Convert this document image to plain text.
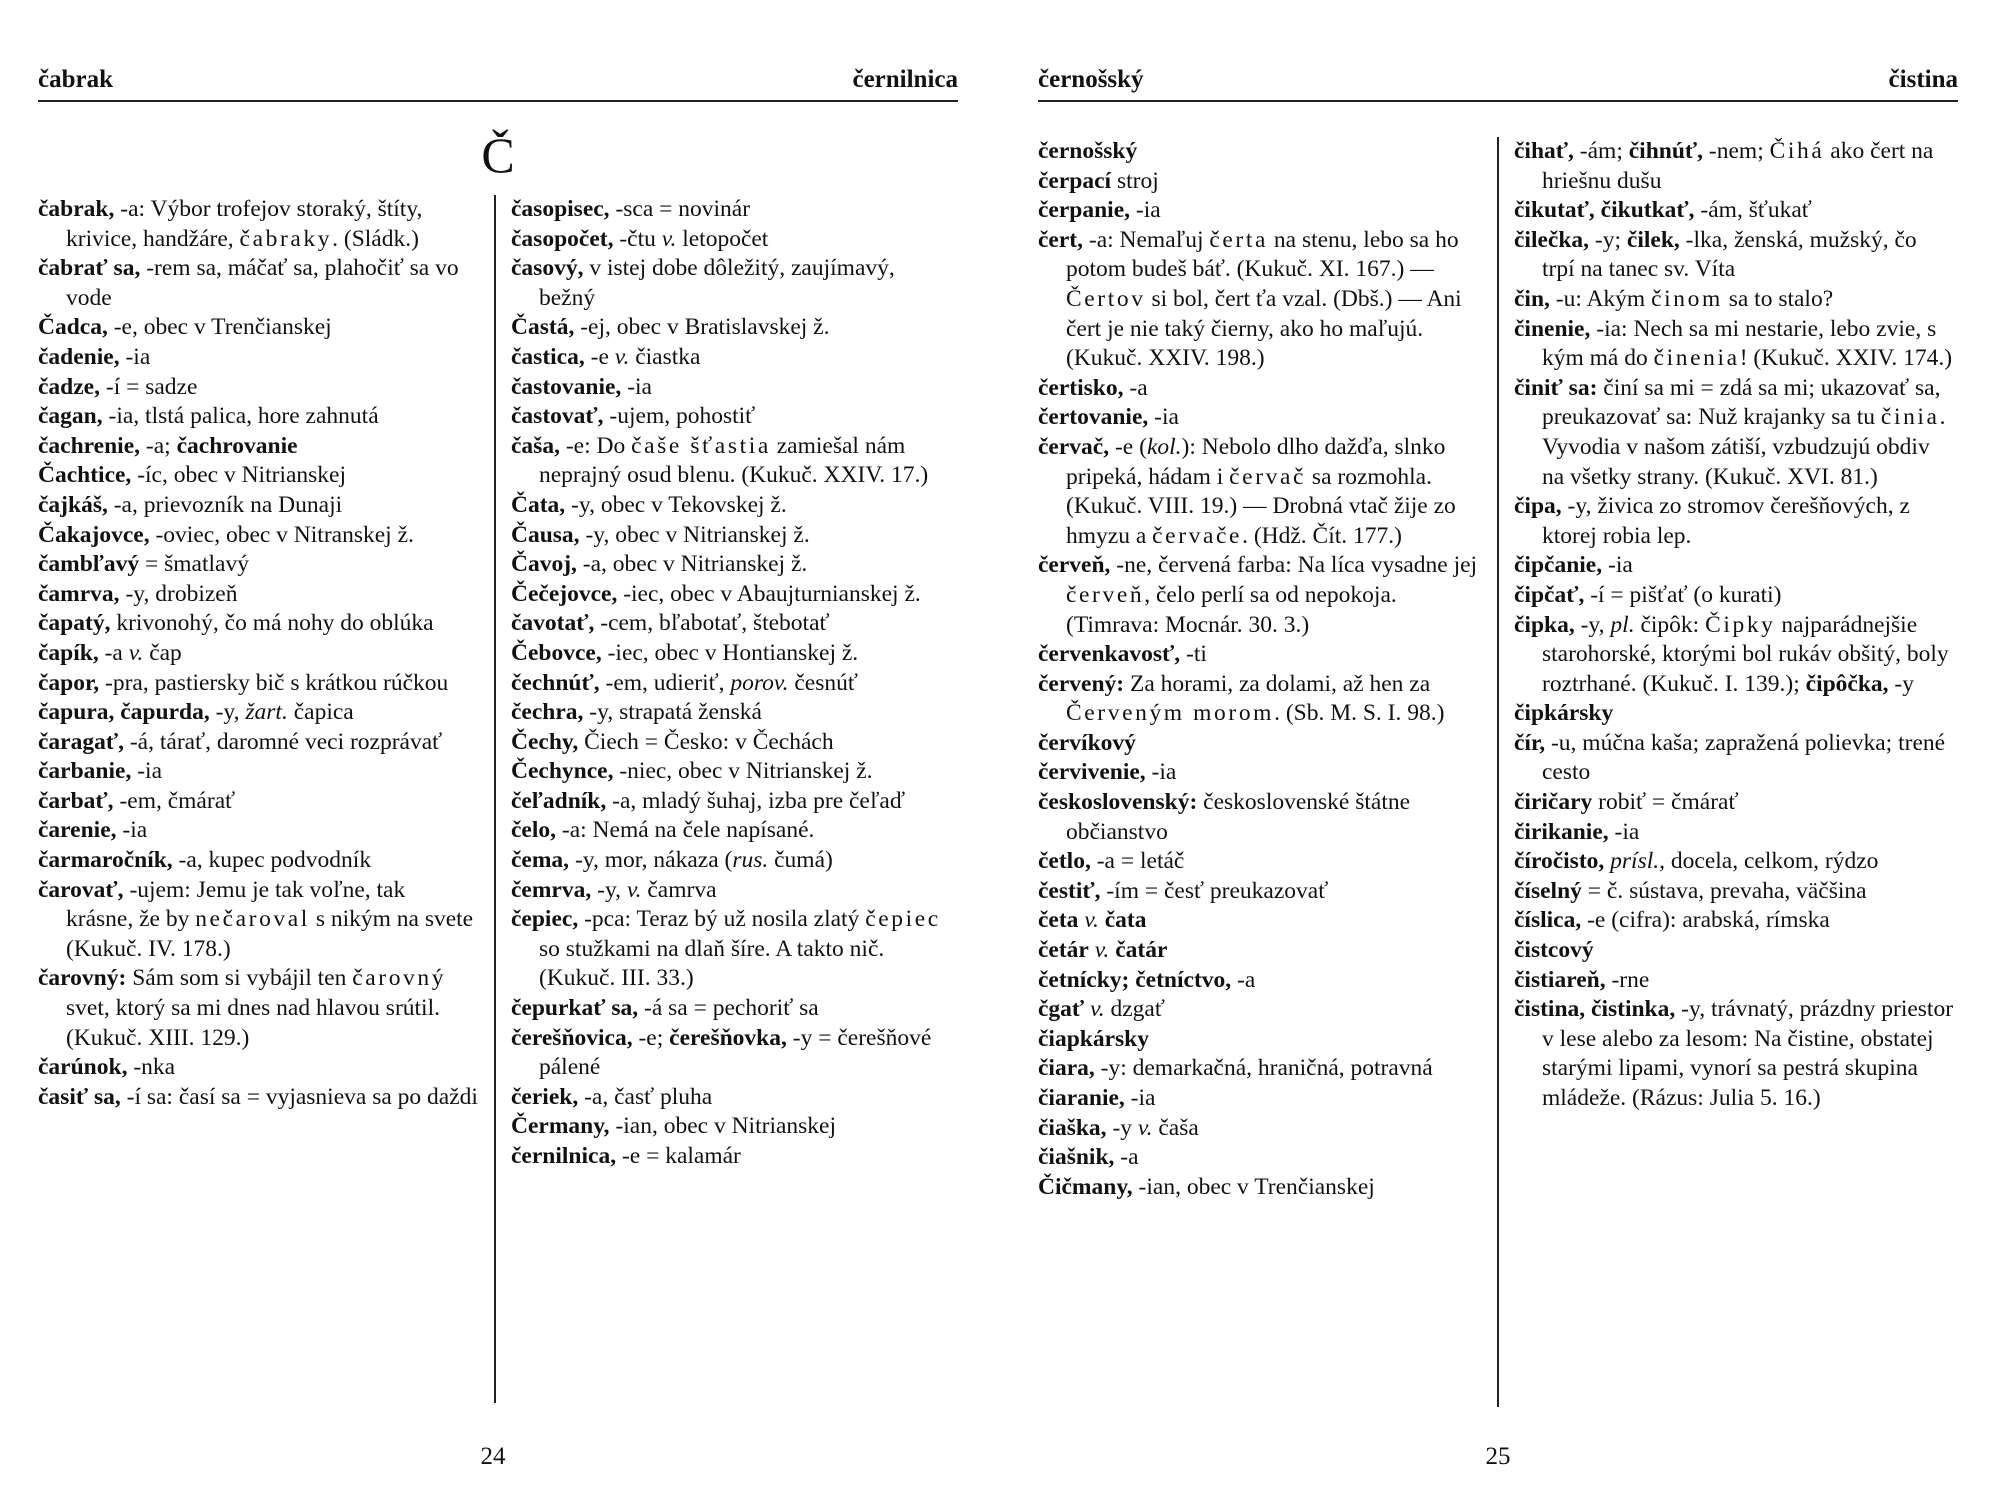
čabrak	černilnica
Č

čabrak, -a: Výbor trofejov storaký, štíty, krivice, handžáre, čabraky. (Sládk.)

čabrať sa, -rem sa, máčať sa, plahočiť sa vo vode

Čadca, -e, obec v Trenčianskej

čadenie, -ia

čadze, -í = sadze

čagan, -ia, tlstá palica, hore zahnutá

čachrenie, -a; čachrovanie

Čachtice, -íc, obec v Nitrianskej

čajkáš, -a, prievozník na Dunaji

Čakajovce, -oviec, obec v Nitranskej ž.

čambľavý = šmatlavý

čamrva, -y, drobizeň

čapatý, krivonohý, čo má nohy do oblúka

čapík, -a v. čap

čapor, -pra, pastiersky bič s krátkou rúčkou

čapura, čapurda, -y, žart. čapica

čaragať, -á, tárať, daromné veci rozprávať

čarbanie, -ia

čarbať, -em, čmárať

čarenie, -ia

čarmaročník, -a, kupec podvodník

čarovať, -ujem: Jemu je tak voľne, tak krásne, že by nečaroval s nikým na svete (Kukuč. IV. 178.)

čarovný: Sám som si vybájil ten čarovný svet, ktorý sa mi dnes nad hlavou srútil. (Kukuč. XIII. 129.)

čarúnok, -nka

časiť sa, -í sa: časí sa = vyjasnieva sa po daždi

časopisec, -sca = novinár

časopočet, -čtu v. letopočet

časový, v istej dobe dôležitý, zaujímavý, bežný

Častá, -ej, obec v Bratislavskej ž.

častica, -e v. čiastka

častovanie, -ia

častovať, -ujem, pohostiť

čaša, -e: Do čaše šťastia zamiešal nám neprajný osud blenu. (Kukuč. XXIV. 17.)

Čata, -y, obec v Tekovskej ž.

Čausa, -y, obec v Nitrianskej ž.

Čavoj, -a, obec v Nitrianskej ž.

Čečejovce, -iec, obec v Abaujturnianskej ž.

čavotať, -cem, bľabotať, štebotať

Čebovce, -iec, obec v Hontianskej ž.

čechnúť, -em, udieriť, porov. česnúť

čechra, -y, strapatá ženská

Čechy, Čiech = Česko: v Čechách

Čechynce, -niec, obec v Nitrianskej ž.

čeľadník, -a, mladý šuhaj, izba pre čeľaď

čelo, -a: Nemá na čele napísané.

čema, -y, mor, nákaza (rus. čumá)

čemrva, -y, v. čamrva

čepiec, -pca: Teraz bý už nosila zlatý čepiec so stužkami na dlaň šíre. A takto nič. (Kukuč. III. 33.)

čepurkať sa, -á sa = pechoriť sa

čerešňovica, -e; čerešňovka, -y = čerešňové pálené

čeriek, -a, časť pluha

Čermany, -ian, obec v Nitrianskej

černilnica, -e = kalamár

24
černošský	čistina

černošský

čerpací stroj

čerpanie, -ia

čert, -a: Nemaľuj čerta na stenu, lebo sa ho potom budeš báť. (Kukuč. XI. 167.) — Čertov si bol, čert ťa vzal. (Dbš.) — Ani čert je nie taký čierny, ako ho maľujú. (Kukuč. XXIV. 198.)

čertisko, -a

čertovanie, -ia

červač, -e (kol.): Nebolo dlho dažďa, slnko pripeká, hádam i červač sa rozmohla. (Kukuč. VIII. 19.) — Drobná vtač žije zo hmyzu a červače. (Hdž. Čít. 177.)

červeň, -ne, červená farba: Na líca vysadne jej červeň, čelo perlí sa od nepokoja. (Timrava: Mocnár. 30. 3.)

červenkavosť, -ti

červený: Za horami, za dolami, až hen za Červeným morom. (Sb. M. S. I. 98.)

červíkový

červivenie, -ia

československý: československé štátne občianstvo

četlo, -a = letáč

čestiť, -ím = česť preukazovať

četa v. čata

četár v. čatár

četnícky; četníctvo, -a

čgať v. dzgať

čiapkársky

čiara, -y: demarkačná, hraničná, potravná

čiaranie, -ia

čiaška, -y v. čaša

čiašnik, -a

Čičmany, -ian, obec v Trenčianskej

čihať, -ám; čihnúť, -nem; Čihá ako čert na hriešnu dušu

čikutať, čikutkať, -ám, šťukať

čilečka, -y; čilek, -lka, ženská, mužský, čo trpí na tanec sv. Víta

čin, -u: Akým činom sa to stalo?

činenie, -ia: Nech sa mi nestarie, lebo zvie, s kým má do činenia! (Kukuč. XXIV. 174.)

činiť sa: činí sa mi = zdá sa mi; ukazovať sa, preukazovať sa: Nuž krajanky sa tu činia. Vyvodia v našom zátiší, vzbudzujú obdiv na všetky strany. (Kukuč. XVI. 81.)

čipa, -y, živica zo stromov čerešňových, z ktorej robia lep.

čipčanie, -ia

čipčať, -í = pišťať (o kurati)

čipka, -y, pl. čipôk: Čipky najparádnejšie starohorské, ktorými bol rukáv obšitý, boly roztrhané. (Kukuč. I. 139.); čipôčka, -y

čipkársky

čír, -u, múčna kaša; zapražená polievka; trené cesto

čiričary robiť = čmárať

čirikanie, -ia

číročisto, prísl., docela, celkom, rýdzo

číselný = č. sústava, prevaha, väčšina

číslica, -e (cifra): arabská, rímska

čistcový

čistiareň, -rne

čistina, čistinka, -y, trávnatý, prázdny priestor v lese alebo za lesom: Na čistine, obstatej starými lipami, vynorí sa pestrá skupina mládeže. (Rázus: Julia 5. 16.)

25
